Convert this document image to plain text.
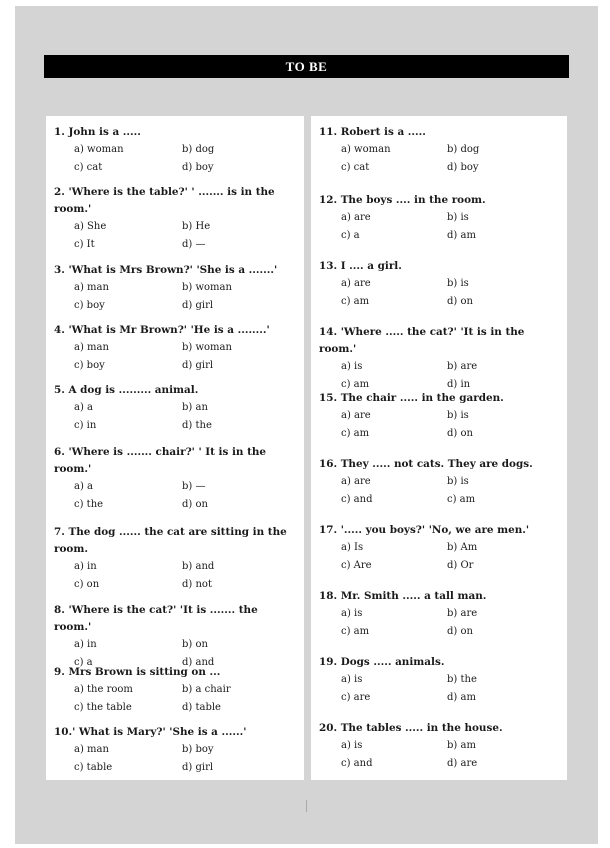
TO BE
1. John is a .....
a) woman	b) dog
c) cat	d) boy
2. 'Where is the table?' ' ....... is in the room.'
a) She	b) He
c) It	d) —
3. 'What is Mrs Brown?' 'She is a .......'
a) man	b) woman
c) boy	d) girl
4. 'What is Mr Brown?' 'He is a ........'
a) man	b) woman
c) boy	d) girl
5. A dog is ......... animal.
a) a	b) an
c) in	d) the
6. 'Where is ....... chair?' ' It is in the room.'
a) a	b) —
c) the	d) on
7. The dog ...... the cat are sitting in the room.
a) in	b) and
c) on	d) not
8. 'Where is the cat?' 'It is ....... the room.'
a) in	b) on
c) a	d) and
9. Mrs Brown is sitting on ...
a) the room	b) a chair
c) the table	d) table
10.' What is Mary?' 'She is a ......'
a) man	b) boy
c) table	d) girl
11. Robert is a .....
a) woman	b) dog
c) cat	d) boy
12. The boys .... in the room.
a) are	b) is
c) a	d) am
13. I .... a girl.
a) are	b) is
c) am	d) on
14. 'Where ..... the cat?' 'It is in the room.'
a) is	b) are
c) am	d) in
15. The chair ..... in the garden.
a) are	b) is
c) am	d) on
16. They ..... not cats. They are dogs.
a) are	b) is
c) and	c) am
17. '..... you boys?' 'No, we are men.'
a) Is	b) Am
c) Are	d) Or
18. Mr. Smith ..... a tall man.
a) is	b) are
c) am	d) on
19. Dogs ..... animals.
a) is	b) the
c) are	d) am
20. The tables ..... in the house.
a) is	b) am
c) and	d) are
